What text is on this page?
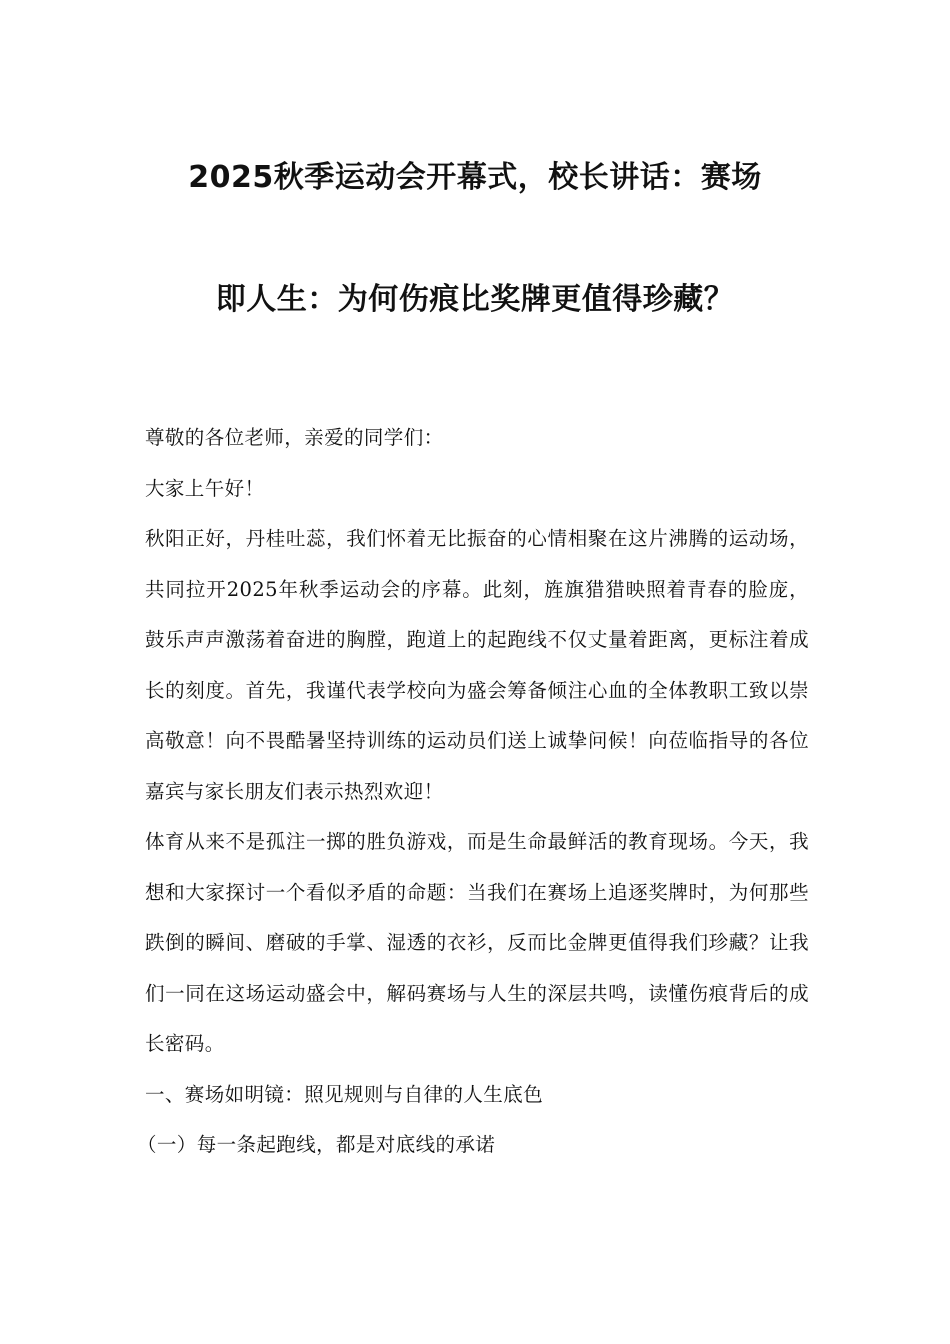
2025秋季运动会开幕式，校长讲话：赛场
即人生：为何伤痕比奖牌更值得珍藏？

尊敬的各位老师，亲爱的同学们：

大家上午好！

秋阳正好，丹桂吐蕊，我们怀着无比振奋的心情相聚在这片沸腾的运动场，共同拉开2025年秋季运动会的序幕。此刻，旌旗猎猎映照着青春的脸庞，鼓乐声声激荡着奋进的胸膛，跑道上的起跑线不仅丈量着距离，更标注着成长的刻度。首先，我谨代表学校向为盛会筹备倾注心血的全体教职工致以崇高敬意！向不畏酷暑坚持训练的运动员们送上诚挚问候！向莅临指导的各位嘉宾与家长朋友们表示热烈欢迎！

体育从来不是孤注一掷的胜负游戏，而是生命最鲜活的教育现场。今天，我想和大家探讨一个看似矛盾的命题：当我们在赛场上追逐奖牌时，为何那些跌倒的瞬间、磨破的手掌、湿透的衣衫，反而比金牌更值得我们珍藏？让我们一同在这场运动盛会中，解码赛场与人生的深层共鸣，读懂伤痕背后的成长密码。

一、赛场如明镜：照见规则与自律的人生底色

（一）每一条起跑线，都是对底线的承诺
